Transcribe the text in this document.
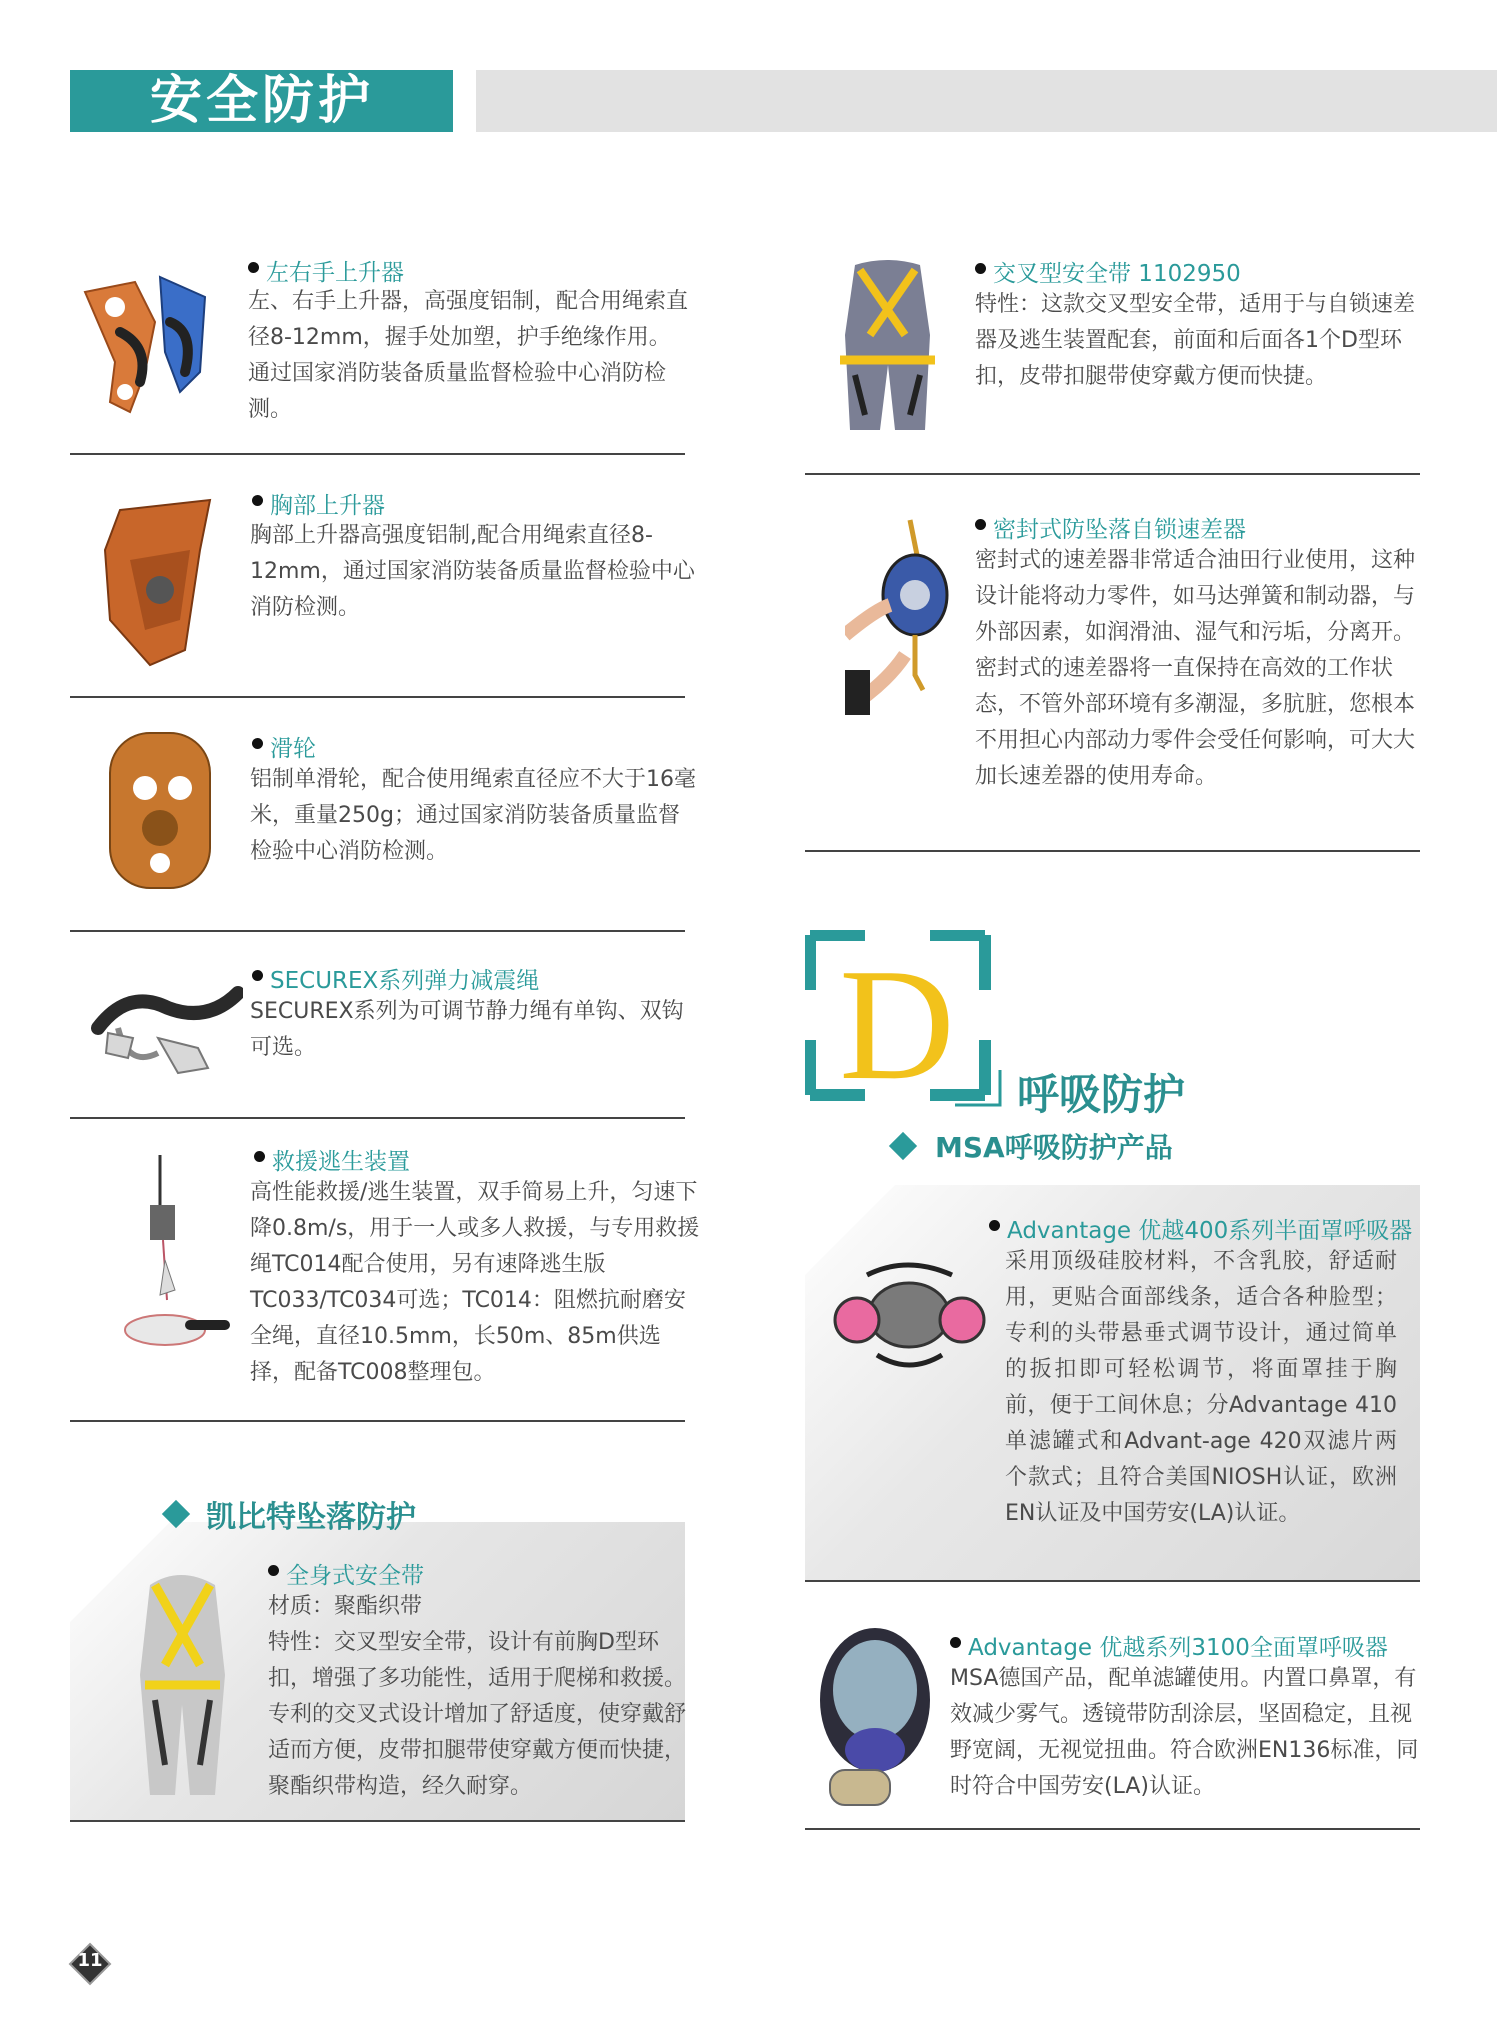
安全防护
左右手上升器
左、右手上升器，高强度铝制，配合用绳索直径8-12mm，握手处加塑，护手绝缘作用。通过国家消防装备质量监督检验中心消防检测。
胸部上升器
胸部上升器高强度铝制,配合用绳索直径8-12mm，通过国家消防装备质量监督检验中心消防检测。
滑轮
铝制单滑轮，配合使用绳索直径应不大于16毫米，重量250g；通过国家消防装备质量监督检验中心消防检测。
SECUREX系列弹力减震绳
SECUREX系列为可调节静力绳有单钩、双钩可选。
救援逃生装置
高性能救援/逃生装置，双手简易上升，匀速下降0.8m/s，用于一人或多人救援，与专用救援绳TC014配合使用，另有速降逃生版TC033/TC034可选；TC014：阻燃抗耐磨安全绳，直径10.5mm，长50m、85m供选择，配备TC008整理包。
凯比特坠落防护
全身式安全带
材质：聚酯织带
特性：交叉型安全带，设计有前胸D型环扣，增强了多功能性，适用于爬梯和救援。专利的交叉式设计增加了舒适度，使穿戴舒适而方便，皮带扣腿带使穿戴方便而快捷，聚酯织带构造，经久耐穿。
交叉型安全带 1102950
特性：这款交叉型安全带，适用于与自锁速差器及逃生装置配套，前面和后面各1个D型环扣，皮带扣腿带使穿戴方便而快捷。
密封式防坠落自锁速差器
密封式的速差器非常适合油田行业使用，这种设计能将动力零件，如马达弹簧和制动器，与外部因素，如润滑油、湿气和污垢，分离开。密封式的速差器将一直保持在高效的工作状态，不管外部环境有多潮湿，多肮脏，您根本不用担心内部动力零件会受任何影响，可大大加长速差器的使用寿命。
D 呼吸防护
MSA呼吸防护产品
Advantage 优越400系列半面罩呼吸器
采用顶级硅胶材料，不含乳胶，舒适耐用，更贴合面部线条，适合各种脸型；专利的头带悬垂式调节设计，通过简单的扳扣即可轻松调节，将面罩挂于胸前，便于工间休息；分Advantage 410单滤罐式和Advant-age 420双滤片两个款式；且符合美国NIOSH认证，欧洲EN认证及中国劳安(LA)认证。
Advantage 优越系列3100全面罩呼吸器
MSA德国产品，配单滤罐使用。内置口鼻罩，有效减少雾气。透镜带防刮涂层，坚固稳定，且视野宽阔，无视觉扭曲。符合欧洲EN136标准，同时符合中国劳安(LA)认证。
11
